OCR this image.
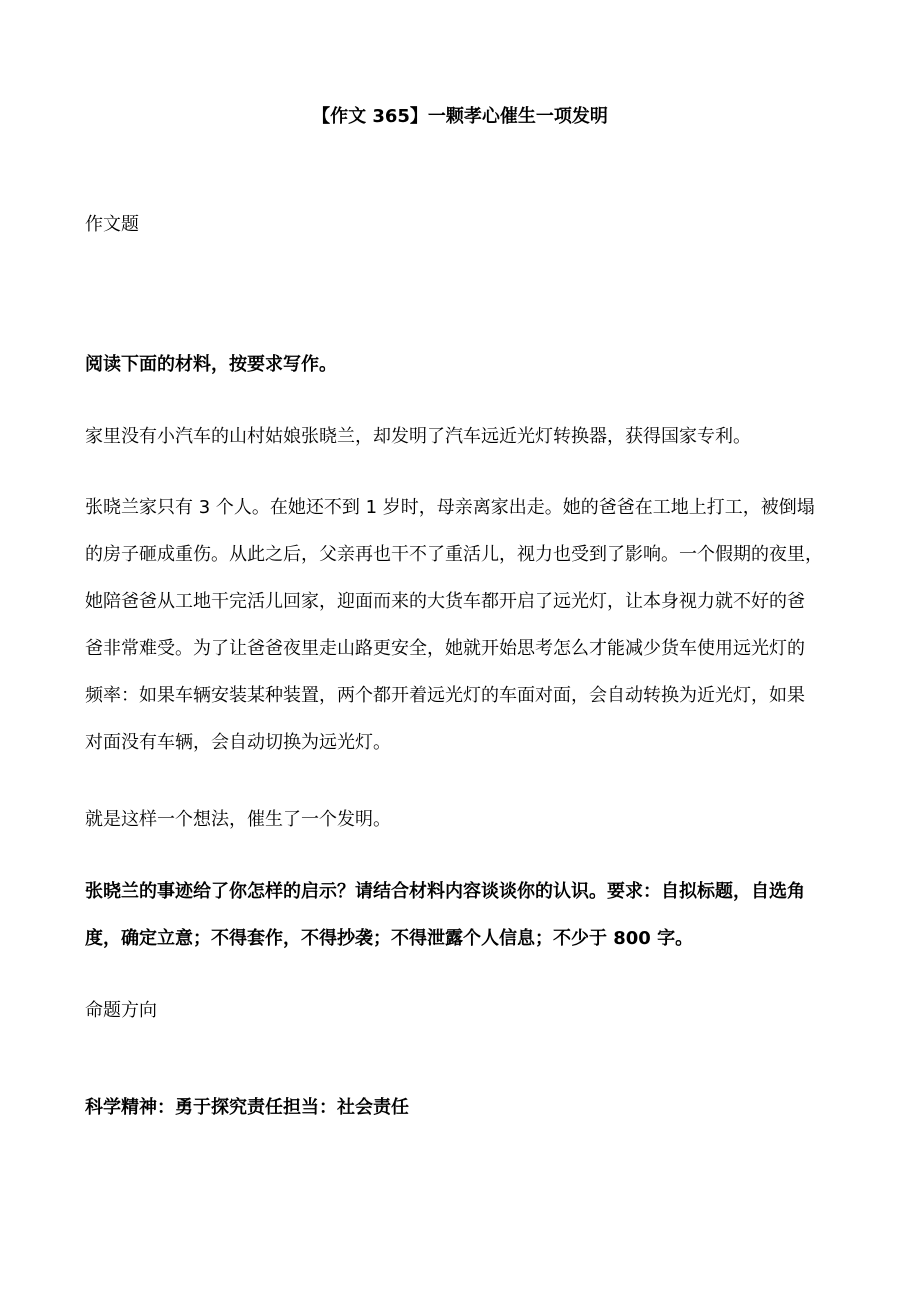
【作文 365】一颗孝心催生一项发明
作文题
阅读下面的材料，按要求写作。
家里没有小汽车的山村姑娘张晓兰，却发明了汽车远近光灯转换器，获得国家专利。
张晓兰家只有 3 个人。在她还不到 1 岁时，母亲离家出走。她的爸爸在工地上打工，被倒塌
的房子砸成重伤。从此之后，父亲再也干不了重活儿，视力也受到了影响。一个假期的夜里，
她陪爸爸从工地干完活儿回家，迎面而来的大货车都开启了远光灯，让本身视力就不好的爸
爸非常难受。为了让爸爸夜里走山路更安全，她就开始思考怎么才能减少货车使用远光灯的
频率：如果车辆安装某种装置，两个都开着远光灯的车面对面，会自动转换为近光灯，如果
对面没有车辆，会自动切换为远光灯。
就是这样一个想法，催生了一个发明。
张晓兰的事迹给了你怎样的启示？请结合材料内容谈谈你的认识。要求：自拟标题，自选角
度，确定立意；不得套作，不得抄袭；不得泄露个人信息；不少于 800 字。
命题方向
科学精神：勇于探究责任担当：社会责任
